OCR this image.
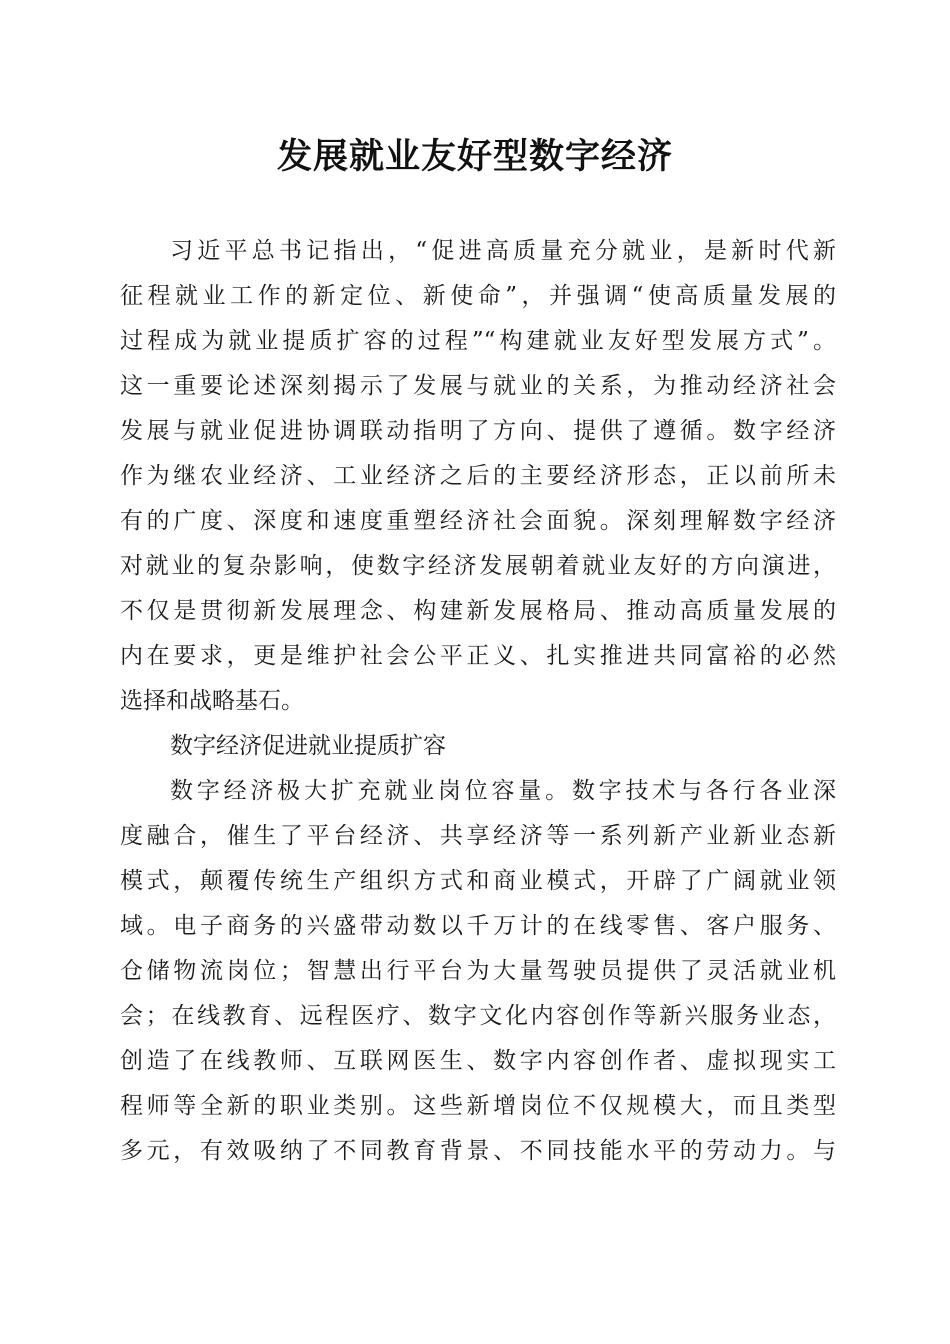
发展就业友好型数字经济
习近平总书记指出，“促进高质量充分就业，是新时代新
征程就业工作的新定位、新使命”，并强调“使高质量发展的
过程成为就业提质扩容的过程”“构建就业友好型发展方式”。
这一重要论述深刻揭示了发展与就业的关系，为推动经济社会
发展与就业促进协调联动指明了方向、提供了遵循。数字经济
作为继农业经济、工业经济之后的主要经济形态，正以前所未
有的广度、深度和速度重塑经济社会面貌。深刻理解数字经济
对就业的复杂影响，使数字经济发展朝着就业友好的方向演进，
不仅是贯彻新发展理念、构建新发展格局、推动高质量发展的
内在要求，更是维护社会公平正义、扎实推进共同富裕的必然
选择和战略基石。
数字经济促进就业提质扩容
数字经济极大扩充就业岗位容量。数字技术与各行各业深
度融合，催生了平台经济、共享经济等一系列新产业新业态新
模式，颠覆传统生产组织方式和商业模式，开辟了广阔就业领
域。电子商务的兴盛带动数以千万计的在线零售、客户服务、
仓储物流岗位；智慧出行平台为大量驾驶员提供了灵活就业机
会；在线教育、远程医疗、数字文化内容创作等新兴服务业态，
创造了在线教师、互联网医生、数字内容创作者、虚拟现实工
程师等全新的职业类别。这些新增岗位不仅规模大，而且类型
多元，有效吸纳了不同教育背景、不同技能水平的劳动力。与
